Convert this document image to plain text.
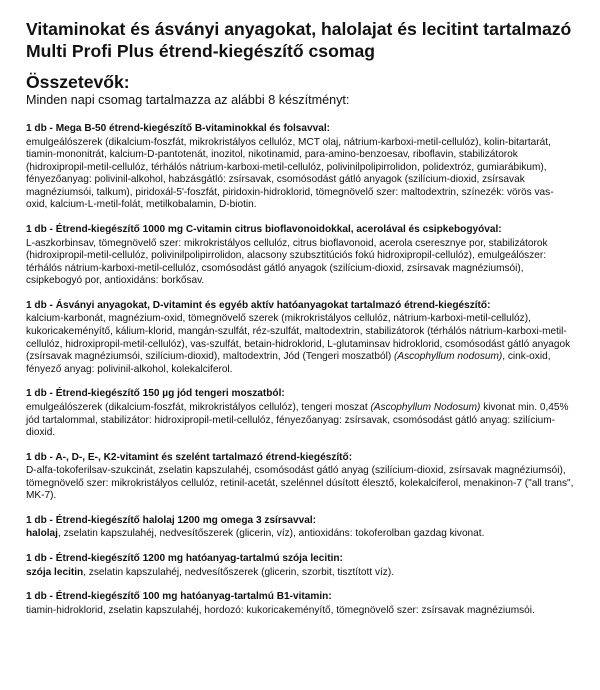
Vitaminokat és ásványi anyagokat, halolajat és lecitint tartalmazó Multi Profi Plus étrend-kiegészítő csomag
Összetevők:

Minden napi csomag tartalmazza az alábbi 8 készítményt:

1 db - Mega B-50 étrend-kiegészítő B-vitaminokkal és folsavval:

emulgeálószerek (dikalcium-foszfát, mikrokristályos cellulóz, MCT olaj, nátrium-karboxi-metil-cellulóz), kolin-bitartarát, tiamin-mononitrát, kalcium-D-pantotenát, inozitol, nikotinamid, para-amino-benzoesav, riboflavin, stabilizátorok (hidroxipropil-metil-cellulóz, térhálós nátrium-karboxi-metil-cellulóz, polivinilpolipirrolidon, polidextróz, gumiarábikum), fényezőanyag: polivinil-alkohol, habzásgátló: zsírsavak, csomósodást gátló anyagok (szilícium-dioxid, zsírsavak magnéziumsói, talkum), piridoxál-5'-foszfát, piridoxin-hidroklorid, tömegnövelő szer: maltodextrin, színezék: vörös vas-oxid, kalcium-L-metil-folát, metilkobalamin, D-biotin.

1 db - Étrend-kiegészítő 1000 mg C-vitamin citrus bioflavonoidokkal, acerolával és csipkebogyóval:

L-aszkorbinsav, tömegnövelő szer: mikrokristályos cellulóz, citrus bioflavonoid, acerola cseresznye por, stabilizátorok (hidroxipropil-metil-cellulóz, polivinilpolipirrolidon, alacsony szubsztitúciós fokú hidroxipropil-cellulóz), emulgeálószer: térhálós nátrium-karboxi-metil-cellulóz, csomósodást gátló anyagok (szilícium-dioxid, zsírsavak magnéziumsói), csipkebogyó por, antioxidáns: borkősav.

1 db - Ásványi anyagokat, D-vitamint és egyéb aktív hatóanyagokat tartalmazó étrend-kiegészítő:

kalcium-karbonát, magnézium-oxid, tömegnövelő szerek (mikrokristályos cellulóz, nátrium-karboxi-metil-cellulóz), kukoricakeményítő, kálium-klorid, mangán-szulfát, réz-szulfát, maltodextrin, stabilizátorok (térhálós nátrium-karboxi-metil-cellulóz, hidroxipropil-metil-cellulóz), vas-szulfát, betain-hidroklorid, L-glutaminsav hidroklorid, csomósodást gátló anyagok (zsírsavak magnéziumsói, szilícium-dioxid), maltodextrin, Jód (Tengeri moszatból) (Ascophyllum nodosum), cink-oxid, fényező anyag: polivinil-alkohol, kolekalciferol.

1 db - Étrend-kiegészítő 150 µg jód tengeri moszatból:

emulgeálószerek (dikalcium-foszfát, mikrokristályos cellulóz), tengeri moszat (Ascophyllum Nodosum) kivonat min. 0,45% jód tartalommal, stabilizátor: hidroxipropil-metil-cellulóz, fényezőanyag: zsírsavak, csomósodást gátló anyag: szilícium-dioxid.

1 db - A-, D-, E-, K2-vitamint és szelént tartalmazó étrend-kiegészítő:

D-alfa-tokoferilsav-szukcinát, zselatin kapszulahéj, csomósodást gátló anyag (szilícium-dioxid, zsírsavak magnéziumsói), tömegnövelő szer: mikrokristályos cellulóz, retinil-acetát, szelénnel dúsított élesztő, kolekalciferol, menakinon-7 ("all trans", MK-7).

1 db - Étrend-kiegészítő halolaj 1200 mg omega 3 zsírsavval:

halolaj, zselatin kapszulahéj, nedvesítőszerek (glicerin, víz), antioxidáns: tokoferolban gazdag kivonat.

1 db - Étrend-kiegészítő 1200 mg hatóanyag-tartalmú szója lecitin:

szója lecitin, zselatin kapszulahéj, nedvesítőszerek (glicerin, szorbit, tisztított víz).

1 db - Étrend-kiegészítő 100 mg hatóanyag-tartalmú B1-vitamin:

tiamin-hidroklorid, zselatin kapszulahéj, hordozó: kukoricakeményítő, tömegnövelő szer: zsírsavak magnéziumsói.
